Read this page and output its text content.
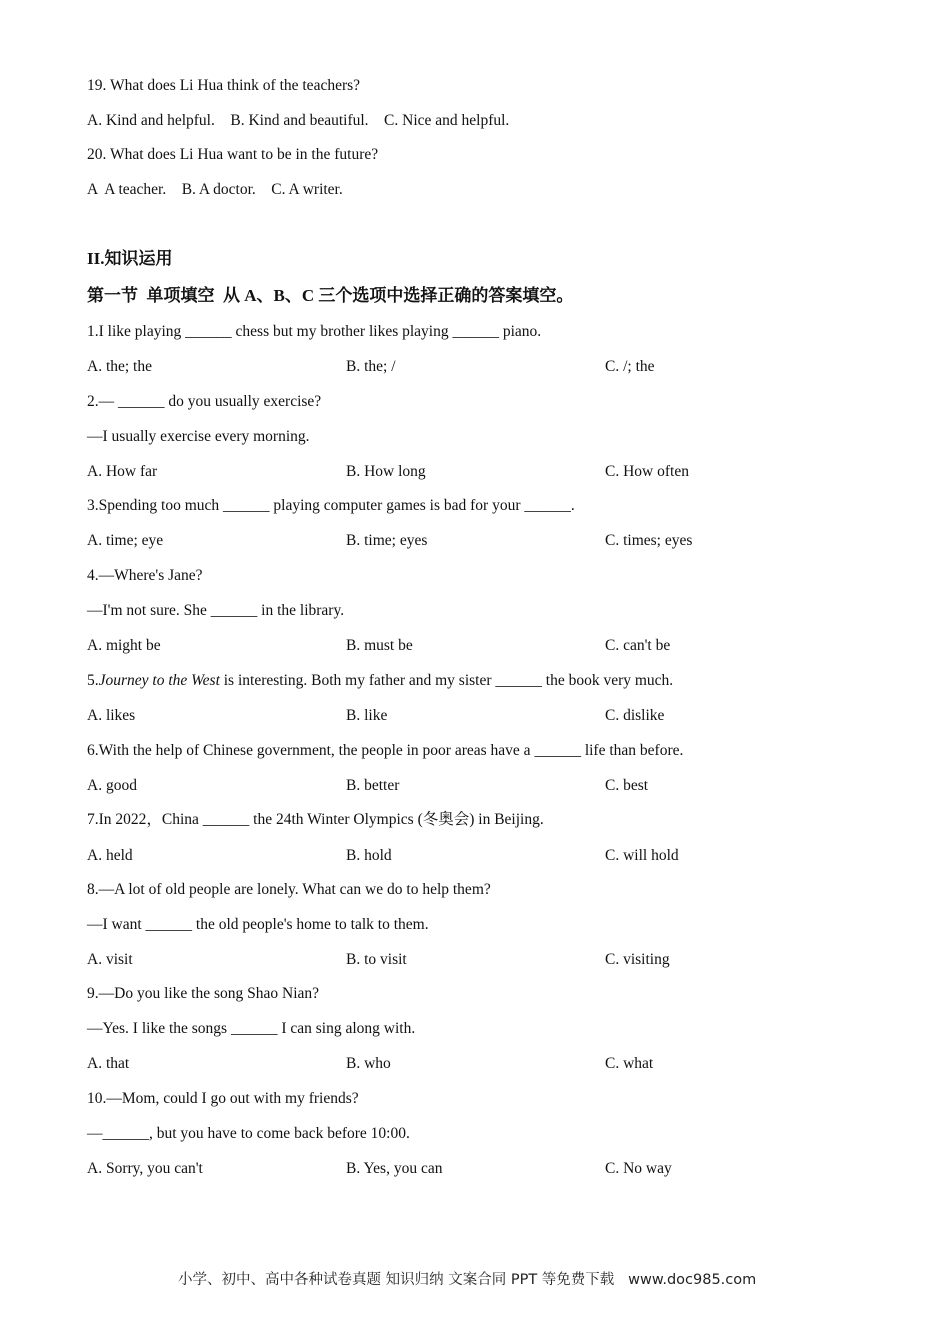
19. What does Li Hua think of the teachers?
A. Kind and helpful.    B. Kind and beautiful.    C. Nice and helpful.
20. What does Li Hua want to be in the future?
A  A teacher.    B. A doctor.    C. A writer.
II.知识运用
第一节  单项填空  从 A、B、C 三个选项中选择正确的答案填空。
1.I like playing ______ chess but my brother likes playing ______ piano.
A. the; the	B. the; /	C. /; the
2.— ______ do you usually exercise?
—I usually exercise every morning.
A. How far	B. How long	C. How often
3.Spending too much ______ playing computer games is bad for your ______.
A. time; eye	B. time; eyes	C. times; eyes
4.—Where's Jane?
—I'm not sure. She ______ in the library.
A. might be	B. must be	C. can't be
5.Journey to the West is interesting. Both my father and my sister ______ the book very much.
A. likes	B. like	C. dislike
6.With the help of Chinese government, the people in poor areas have a ______ life than before.
A. good	B. better	C. best
7.In 2022，China ______ the 24th Winter Olympics (冬奥会) in Beijing.
A. held	B. hold	C. will hold
8.—A lot of old people are lonely. What can we do to help them?
—I want ______ the old people's home to talk to them.
A. visit	B. to visit	C. visiting
9.—Do you like the song Shao Nian?
—Yes. I like the songs ______ I can sing along with.
A. that	B. who	C. what
10.—Mom, could I go out with my friends?
—______, but you have to come back before 10:00.
A. Sorry, you can't	B. Yes, you can	C. No way
小学、初中、高中各种试卷真题 知识归纳 文案合同 PPT 等免费下载   www.doc985.com
